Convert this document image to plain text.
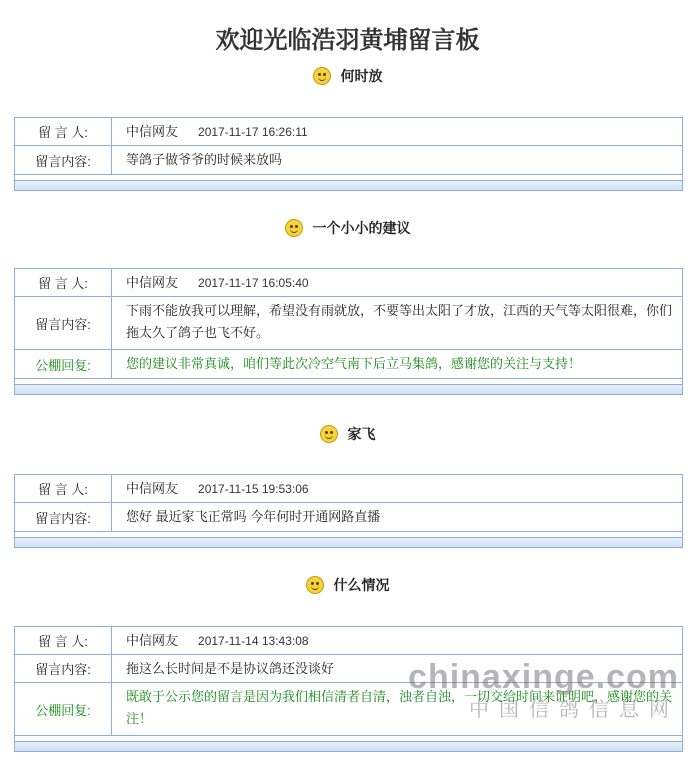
欢迎光临浩羽黄埔留言板
何时放
留 言 人:	中信网友 2017-11-17 16:26:11
留言内容:	等鸽子做爷爷的时候来放吗
一个小小的建议
留 言 人:	中信网友 2017-11-17 16:05:40
留言内容:
下雨不能放我可以理解，希望没有雨就放，不要等出太阳了才放，江西的天气等太阳很难，你们拖太久了鸽子也飞不好。
公棚回复:	您的建议非常真诚，咱们等此次冷空气南下后立马集鸽，感谢您的关注与支持！
家飞
留 言 人:	中信网友 2017-11-15 19:53:06
留言内容:	您好 最近家飞正常吗 今年何时开通网路直播
什么情况
留 言 人:	中信网友 2017-11-14 13:43:08
留言内容:	拖这么长时间是不是协议鸽还没谈好
公棚回复:
既敢于公示您的留言是因为我们相信清者自清，浊者自浊，一切交给时间来证明吧，感谢您的关注！
chinaxinge.com
中国信鸽信息网
